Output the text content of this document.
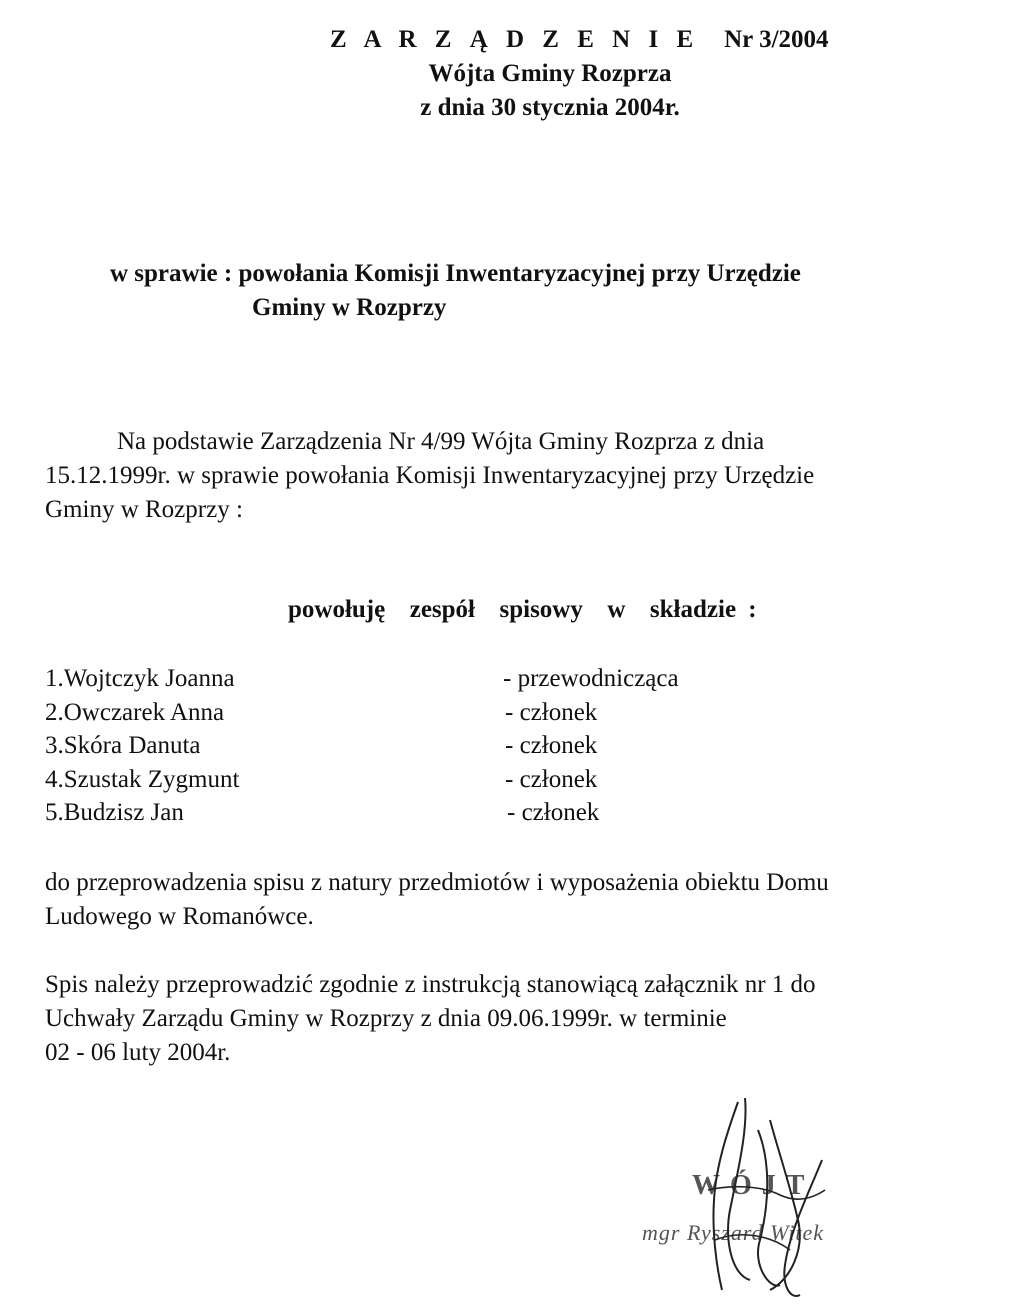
Z A R Z Ą D Z E N I E Nr 3/2004
Wójta Gminy Rozprza
z dnia 30 stycznia 2004r.
w sprawie : powołania Komisji Inwentaryzacyjnej przy Urzędzie
Gminy w Rozprzy
Na podstawie Zarządzenia Nr 4/99 Wójta Gminy Rozprza z dnia
15.12.1999r. w sprawie powołania Komisji Inwentaryzacyjnej przy Urzędzie
Gminy w Rozprzy :
powołuję  zespół  spisowy  w  składzie :
1.Wojtczyk Joanna	- przewodnicząca
2.Owczarek Anna	- członek
3.Skóra Danuta	- członek
4.Szustak Zygmunt	- członek
5.Budzisz Jan	- członek
do przeprowadzenia spisu z natury przedmiotów i wyposażenia obiektu Domu
Ludowego w Romanówce.
Spis należy przeprowadzić zgodnie z instrukcją stanowiącą załącznik nr 1 do
Uchwały Zarządu Gminy w Rozprzy z dnia 09.06.1999r. w terminie
02 - 06 luty 2004r.
WÓJT
mgr Ryszard Witek
